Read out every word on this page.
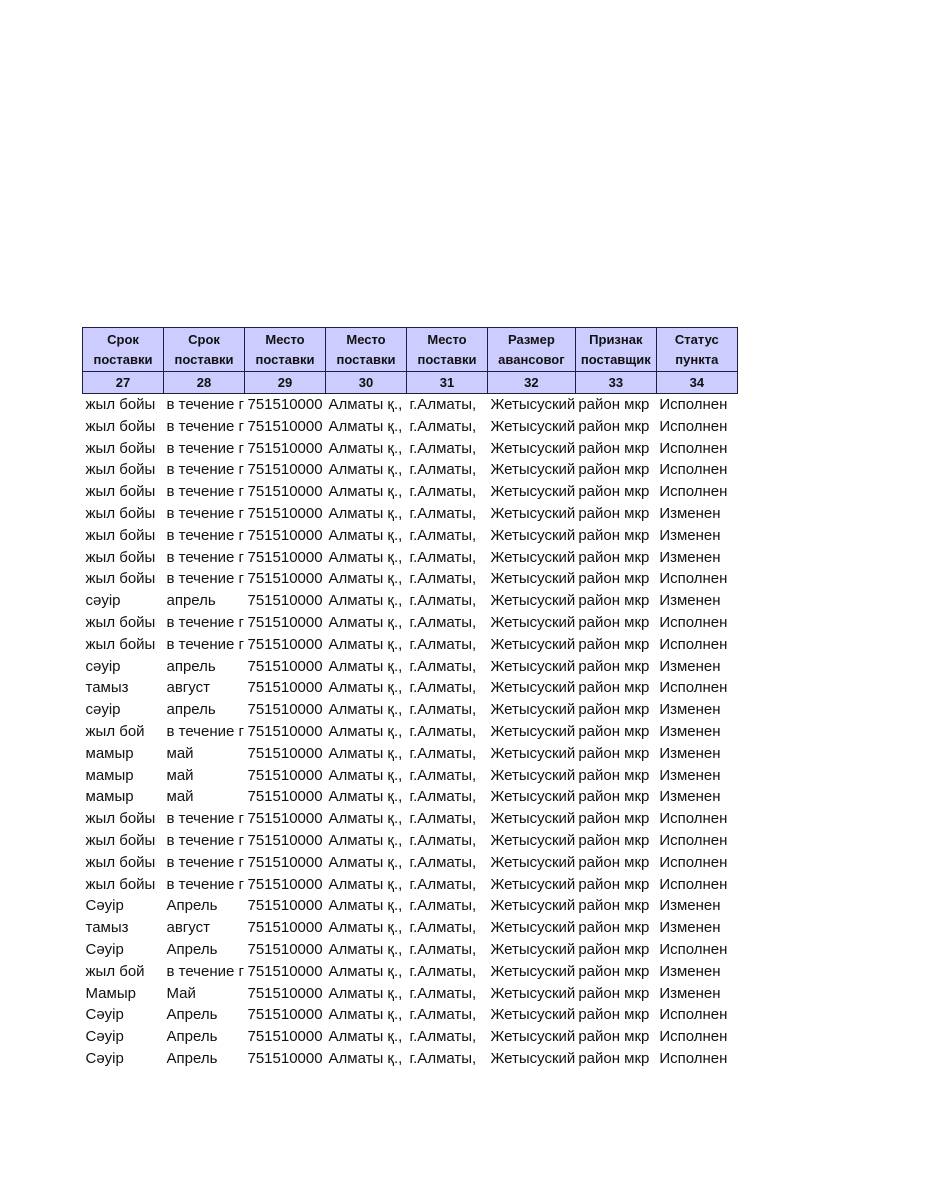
Срок поставки	Срок поставки	Место поставки	Место поставки	Место поставки	Размер авансовог	Признак поставщик	Статус пункта
27	28	29	30	31	32	33	34
жыл бойы	в течение г	751510000	Алматы қ.,	г.Алматы,	Жетысуский	район мкр	Исполнен
жыл бойы	в течение г	751510000	Алматы қ.,	г.Алматы,	Жетысуский	район мкр	Исполнен
жыл бойы	в течение г	751510000	Алматы қ.,	г.Алматы,	Жетысуский	район мкр	Исполнен
жыл бойы	в течение г	751510000	Алматы қ.,	г.Алматы,	Жетысуский	район мкр	Исполнен
жыл бойы	в течение г	751510000	Алматы қ.,	г.Алматы,	Жетысуский	район мкр	Исполнен
жыл бойы	в течение г	751510000	Алматы қ.,	г.Алматы,	Жетысуский	район мкр	Изменен
жыл бойы	в течение г	751510000	Алматы қ.,	г.Алматы,	Жетысуский	район мкр	Изменен
жыл бойы	в течение г	751510000	Алматы қ.,	г.Алматы,	Жетысуский	район мкр	Изменен
жыл бойы	в течение г	751510000	Алматы қ.,	г.Алматы,	Жетысуский	район мкр	Исполнен
сәуір	апрель	751510000	Алматы қ.,	г.Алматы,	Жетысуский	район мкр	Изменен
жыл бойы	в течение г	751510000	Алматы қ.,	г.Алматы,	Жетысуский	район мкр	Исполнен
жыл бойы	в течение г	751510000	Алматы қ.,	г.Алматы,	Жетысуский	район мкр	Исполнен
сәуір	апрель	751510000	Алматы қ.,	г.Алматы,	Жетысуский	район мкр	Изменен
тамыз	август	751510000	Алматы қ.,	г.Алматы,	Жетысуский	район мкр	Исполнен
сәуір	апрель	751510000	Алматы қ.,	г.Алматы,	Жетысуский	район мкр	Изменен
жыл бой	в течение г	751510000	Алматы қ.,	г.Алматы,	Жетысуский	район мкр	Изменен
мамыр	май	751510000	Алматы қ.,	г.Алматы,	Жетысуский	район мкр	Изменен
мамыр	май	751510000	Алматы қ.,	г.Алматы,	Жетысуский	район мкр	Изменен
мамыр	май	751510000	Алматы қ.,	г.Алматы,	Жетысуский	район мкр	Изменен
жыл бойы	в течение г	751510000	Алматы қ.,	г.Алматы,	Жетысуский	район мкр	Исполнен
жыл бойы	в течение г	751510000	Алматы қ.,	г.Алматы,	Жетысуский	район мкр	Исполнен
жыл бойы	в течение г	751510000	Алматы қ.,	г.Алматы,	Жетысуский	район мкр	Исполнен
жыл бойы	в течение г	751510000	Алматы қ.,	г.Алматы,	Жетысуский	район мкр	Исполнен
Сәуір	Апрель	751510000	Алматы қ.,	г.Алматы,	Жетысуский	район мкр	Изменен
тамыз	август	751510000	Алматы қ.,	г.Алматы,	Жетысуский	район мкр	Изменен
Сәуір	Апрель	751510000	Алматы қ.,	г.Алматы,	Жетысуский	район мкр	Исполнен
жыл бой	в течение г	751510000	Алматы қ.,	г.Алматы,	Жетысуский	район мкр	Изменен
Мамыр	Май	751510000	Алматы қ.,	г.Алматы,	Жетысуский	район мкр	Изменен
Сәуір	Апрель	751510000	Алматы қ.,	г.Алматы,	Жетысуский	район мкр	Исполнен
Сәуір	Апрель	751510000	Алматы қ.,	г.Алматы,	Жетысуский	район мкр	Исполнен
Сәуір	Апрель	751510000	Алматы қ.,	г.Алматы,	Жетысуский	район мкр	Исполнен
